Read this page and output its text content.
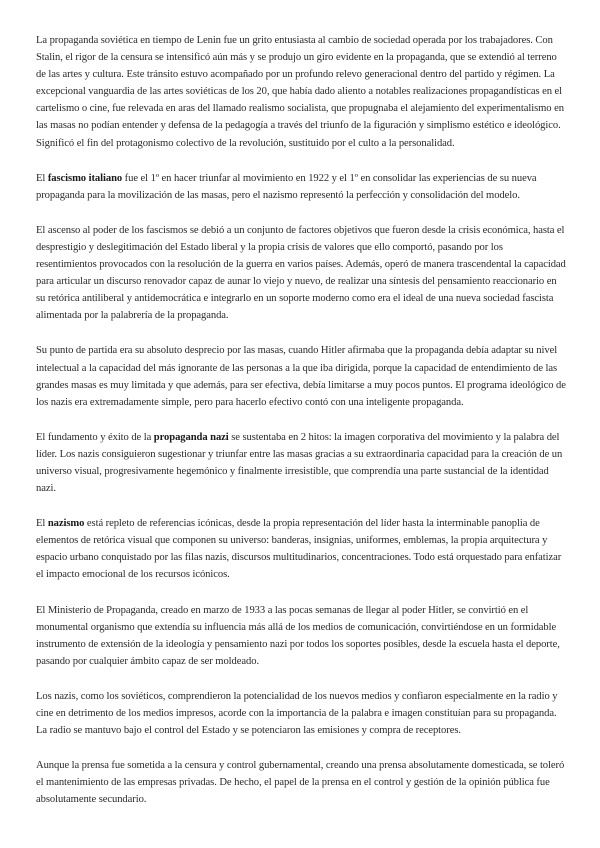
La propaganda soviética en tiempo de Lenin fue un grito entusiasta al cambio de sociedad operada por los trabajadores. Con Stalin, el rigor de la censura se intensificó aún más y se produjo un giro evidente en la propaganda, que se extendió al terreno de las artes y cultura. Este tránsito estuvo acompañado por un profundo relevo generacional dentro del partido y régimen. La excepcional vanguardia de las artes soviéticas de los 20, que había dado aliento a notables realizaciones propagandísticas en el cartelismo o cine, fue relevada en aras del llamado realismo socialista, que propugnaba el alejamiento del experimentalismo en las masas no podían entender y defensa de la pedagogía a través del triunfo de la figuración y simplismo estético e ideológico. Significó el fin del protagonismo colectivo de la revolución, sustituido por el culto a la personalidad.

El fascismo italiano fue el 1º en hacer triunfar al movimiento en 1922 y el 1º en consolidar las experiencias de su nueva propaganda para la movilización de las masas, pero el nazismo representó la perfección y consolidación del modelo.

El ascenso al poder de los fascismos se debió a un conjunto de factores objetivos que fueron desde la crisis económica, hasta el desprestigio y deslegitimación del Estado liberal y la propia crisis de valores que ello comportó, pasando por los resentimientos provocados con la resolución de la guerra en varios países. Además, operó de manera trascendental la capacidad para articular un discurso renovador capaz de aunar lo viejo y nuevo, de realizar una síntesis del pensamiento reaccionario en su retórica antiliberal y antidemocrática e integrarlo en un soporte moderno como era el ideal de una nueva sociedad fascista alimentada por la palabrería de la propaganda.

Su punto de partida era su absoluto desprecio por las masas, cuando Hitler afirmaba que la propaganda debía adaptar su nivel intelectual a la capacidad del más ignorante de las personas a la que iba dirigida, porque la capacidad de entendimiento de las grandes masas es muy limitada y que además, para ser efectiva, debía limitarse a muy pocos puntos. El programa ideológico de los nazis era extremadamente simple, pero para hacerlo efectivo contó con una inteligente propaganda.

El fundamento y éxito de la propaganda nazi se sustentaba en 2 hitos: la imagen corporativa del movimiento y la palabra del líder. Los nazis consiguieron sugestionar y triunfar entre las masas gracias a su extraordinaria capacidad para la creación de un universo visual, progresivamente hegemónico y finalmente irresistible, que comprendía una parte sustancial de la identidad nazi.

El nazismo está repleto de referencias icónicas, desde la propia representación del líder hasta la interminable panoplia de elementos de retórica visual que componen su universo: banderas, insignias, uniformes, emblemas, la propia arquitectura y espacio urbano conquistado por las filas nazis, discursos multitudinarios, concentraciones. Todo está orquestado para enfatizar el impacto emocional de los recursos icónicos.

El Ministerio de Propaganda, creado en marzo de 1933 a las pocas semanas de llegar al poder Hitler, se convirtió en el monumental organismo que extendía su influencia más allá de los medios de comunicación, convirtiéndose en un formidable instrumento de extensión de la ideología y pensamiento nazi por todos los soportes posibles, desde la escuela hasta el deporte, pasando por cualquier ámbito capaz de ser moldeado.

Los nazis, como los soviéticos, comprendieron la potencialidad de los nuevos medios y confiaron especialmente en la radio y cine en detrimento de los medios impresos, acorde con la importancia de la palabra e imagen constituían para su propaganda. La radio se mantuvo bajo el control del Estado y se potenciaron las emisiones y compra de receptores.

Aunque la prensa fue sometida a la censura y control gubernamental, creando una prensa absolutamente domesticada, se toleró el mantenimiento de las empresas privadas. De hecho, el papel de la prensa en el control y gestión de la opinión pública fue absolutamente secundario.
